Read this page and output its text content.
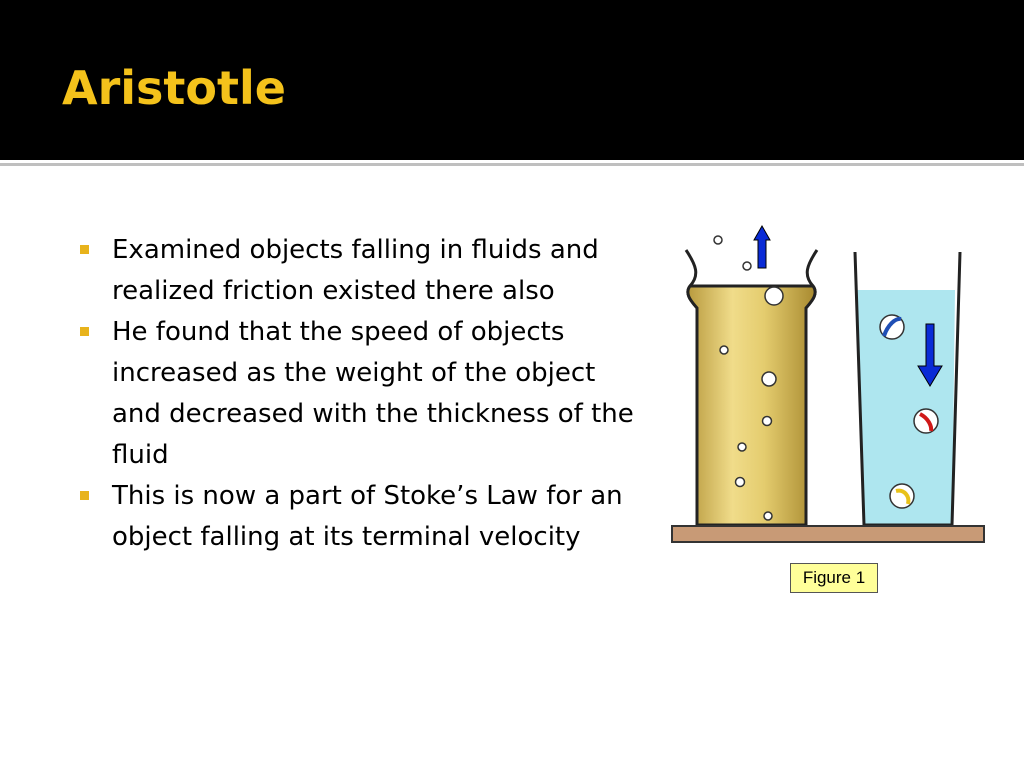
Aristotle
Examined objects falling in fluids and realized friction existed there also
He found that the speed of objects increased as the weight of the object and decreased with the thickness of the fluid
This is now a part of Stoke’s Law for an object falling at its terminal velocity
Figure 1
